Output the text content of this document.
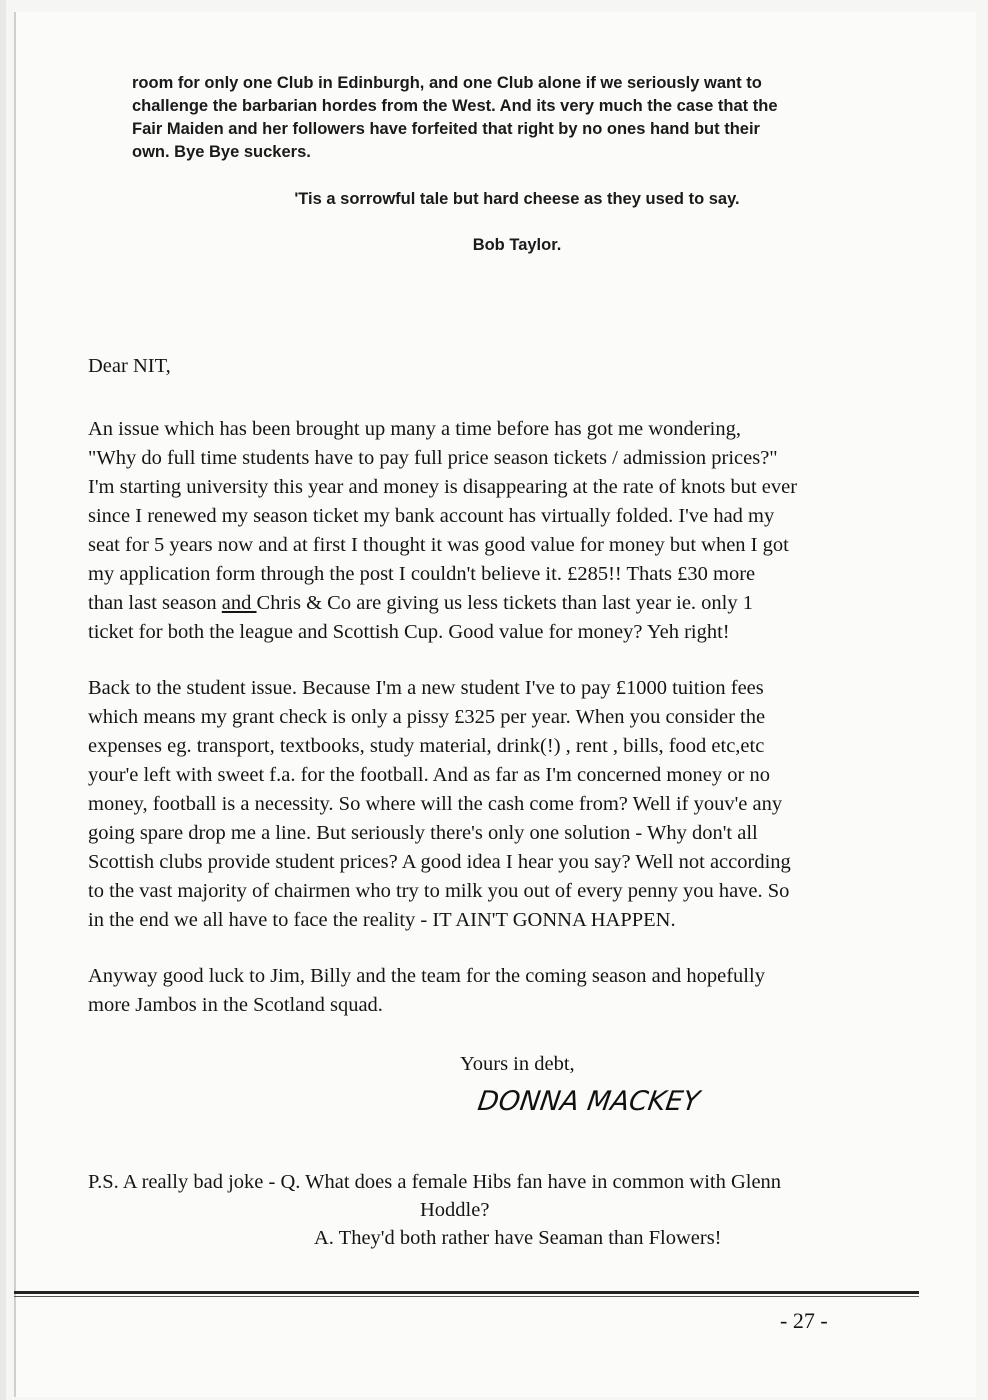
room for only one Club in Edinburgh, and one Club alone if we seriously want to

challenge the barbarian hordes from the West. And its very much the case that the

Fair Maiden and her followers have forfeited that right by no ones hand but their

own. Bye Bye suckers.

'Tis a sorrowful tale but hard cheese as they used to say.
Bob Taylor.

Dear NIT,

An issue which has been brought up many a time before has got me wondering,

"Why do full time students have to pay full price season tickets / admission prices?"

I'm starting university this year and money is disappearing at the rate of knots but ever

since I renewed my season ticket my bank account has virtually folded. I've had my

seat for 5 years now and at first I thought it was good value for money but when I got

my application form through the post I couldn't believe it. £285!! Thats £30 more

than last season and Chris & Co are giving us less tickets than last year ie. only 1

ticket for both the league and Scottish Cup. Good value for money? Yeh right!

Back to the student issue. Because I'm a new student I've to pay £1000 tuition fees

which means my grant check is only a pissy £325 per year. When you consider the

expenses eg. transport, textbooks, study material, drink(!) , rent , bills, food etc,etc

your'e left with sweet f.a. for the football. And as far as I'm concerned money or no

money, football is a necessity. So where will the cash come from? Well if youv'e any

going spare drop me a line. But seriously there's only one solution - Why don't all

Scottish clubs provide student prices? A good idea I hear you say? Well not according

to the vast majority of chairmen who try to milk you out of every penny you have. So

in the end we all have to face the reality - IT AIN'T GONNA HAPPEN.

Anyway good luck to Jim, Billy and the team for the coming season and hopefully

more Jambos in the Scotland squad.

Yours in debt,
DONNA MACKEY

P.S. A really bad joke - Q. What does a female Hibs fan have in common with Glenn

Hoddle?

A. They'd both rather have Seaman than Flowers!

- 27 -
